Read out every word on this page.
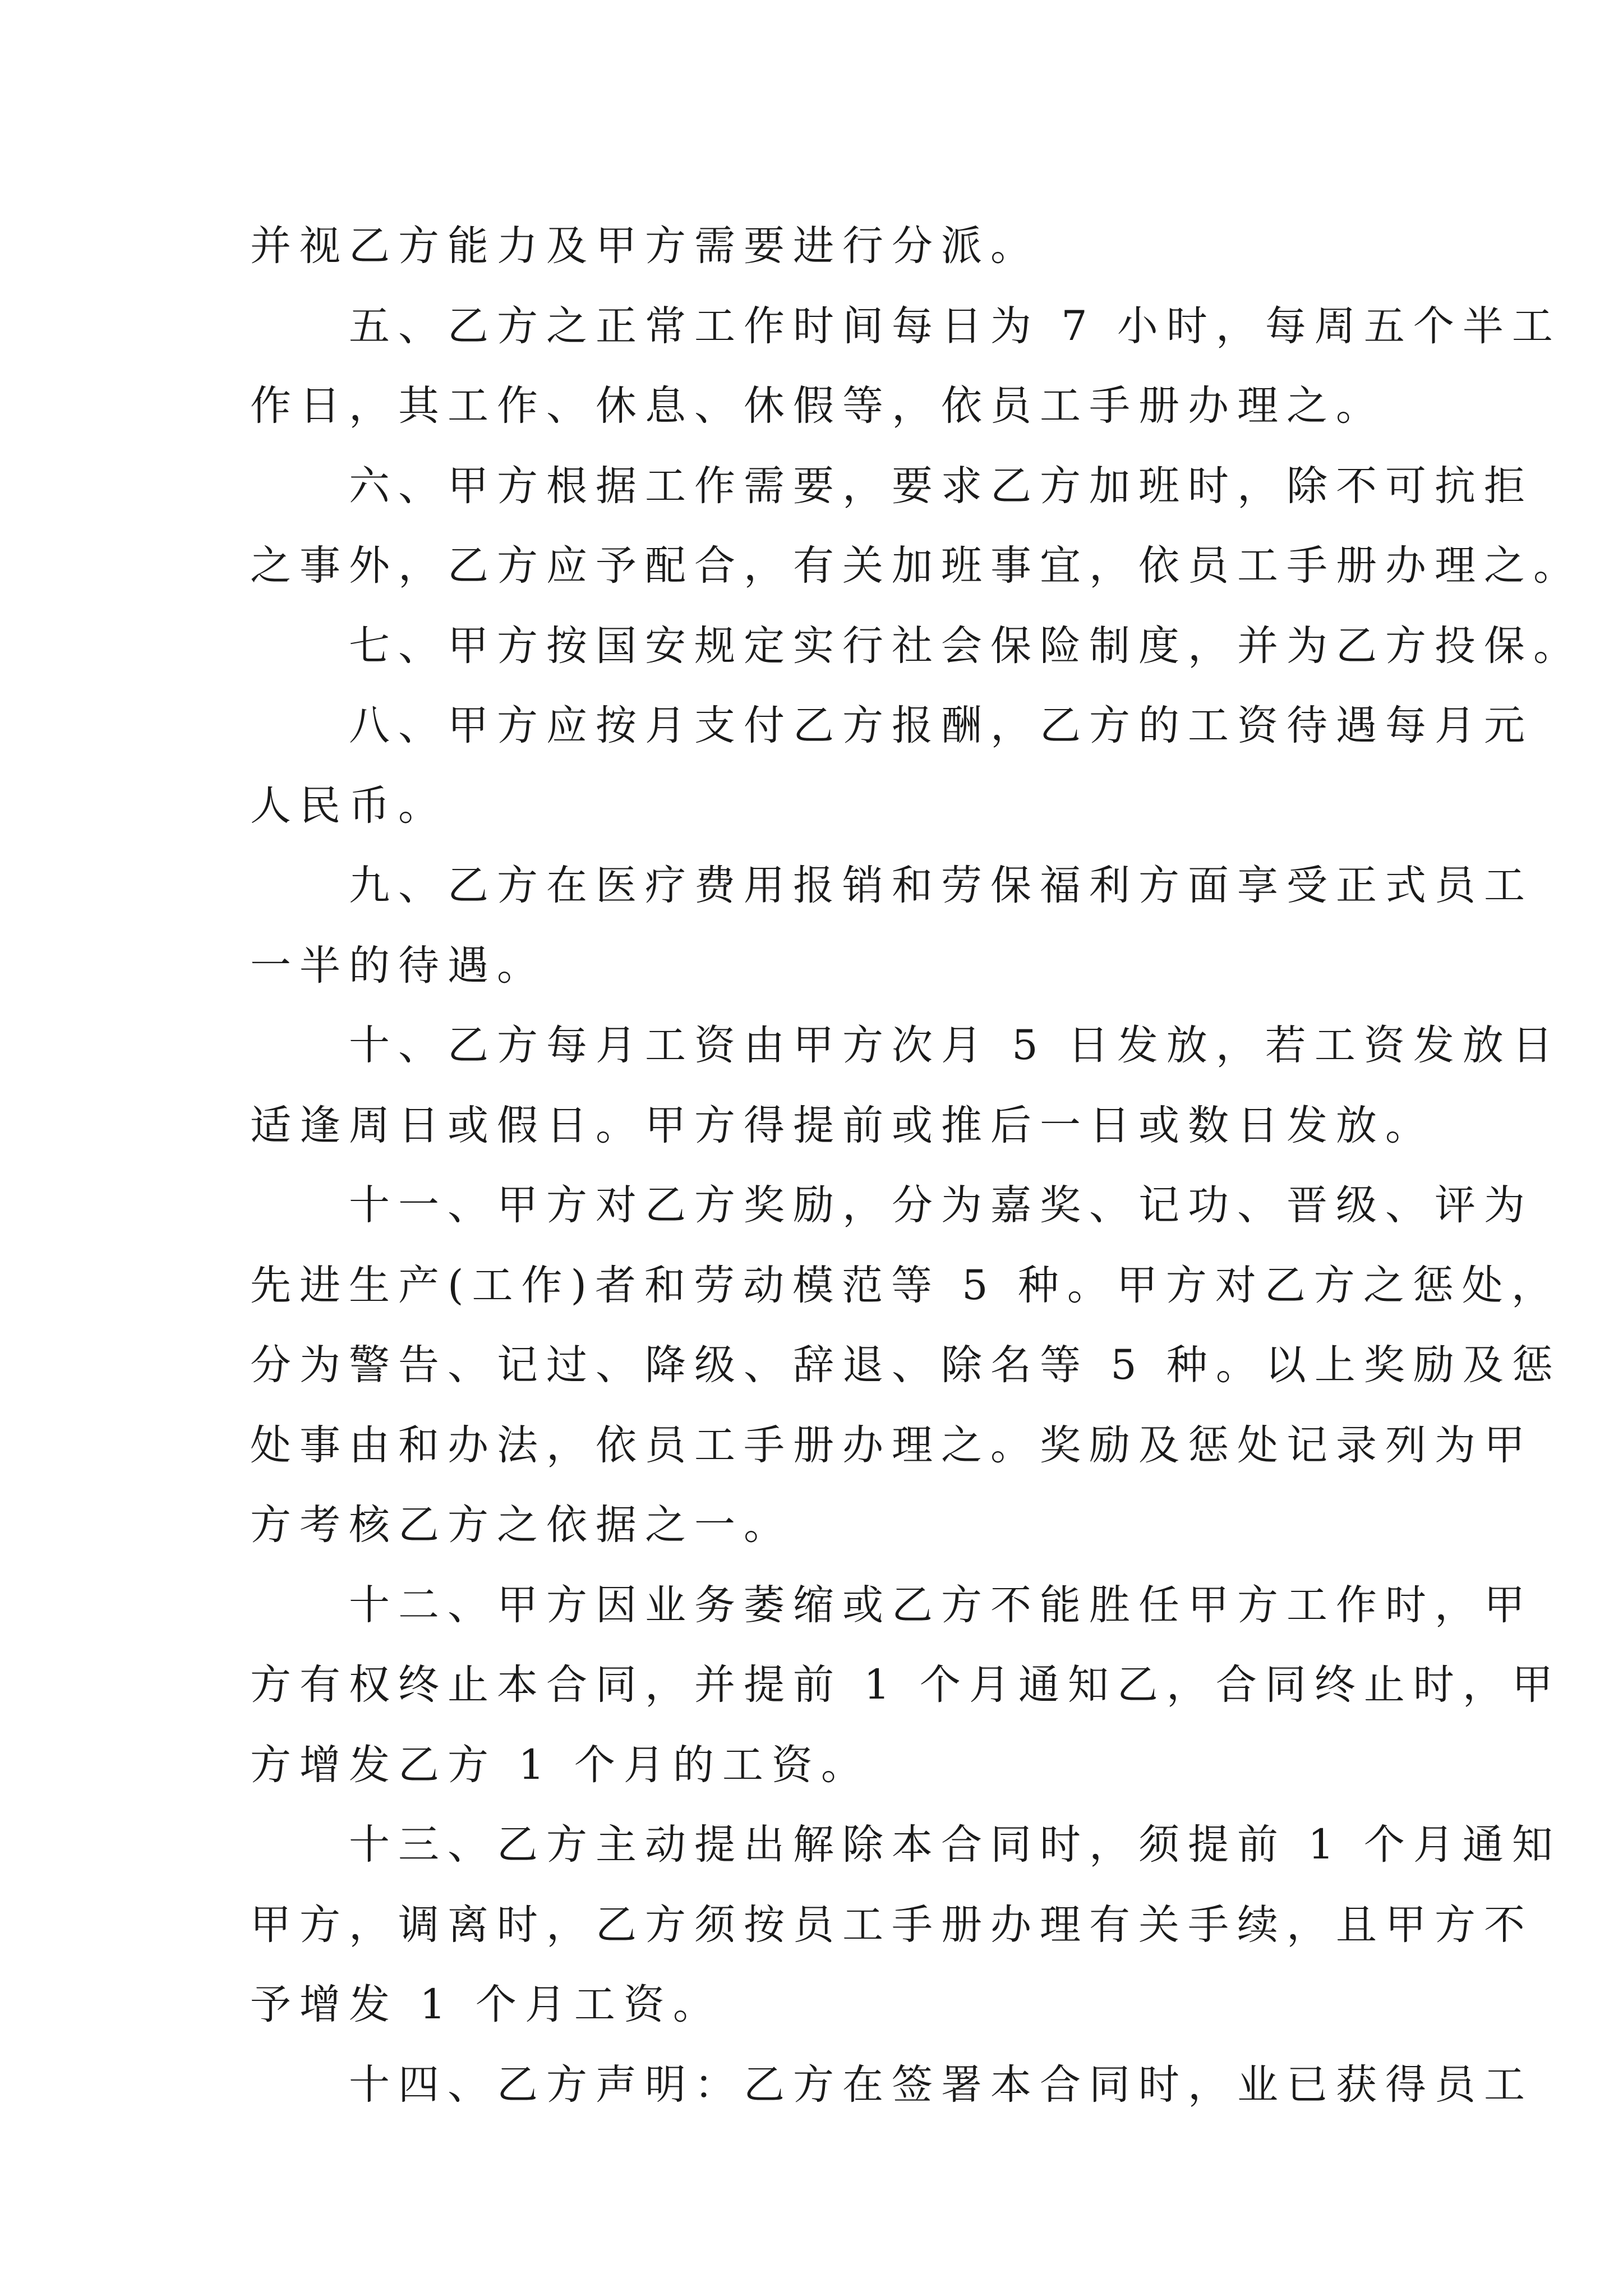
并视乙方能力及甲方需要进行分派。
五、乙方之正常工作时间每日为 7 小时，每周五个半工
作日，其工作、休息、休假等，依员工手册办理之。
六、甲方根据工作需要，要求乙方加班时，除不可抗拒
之事外，乙方应予配合，有关加班事宜，依员工手册办理之。
七、甲方按国安规定实行社会保险制度，并为乙方投保。
八、甲方应按月支付乙方报酬，乙方的工资待遇每月元
人民币。
九、乙方在医疗费用报销和劳保福利方面享受正式员工
一半的待遇。
十、乙方每月工资由甲方次月 5 日发放，若工资发放日
适逢周日或假日。甲方得提前或推后一日或数日发放。
十一、甲方对乙方奖励，分为嘉奖、记功、晋级、评为
先进生产(工作)者和劳动模范等 5 种。甲方对乙方之惩处，
分为警告、记过、降级、辞退、除名等 5 种。以上奖励及惩
处事由和办法，依员工手册办理之。奖励及惩处记录列为甲
方考核乙方之依据之一。
十二、甲方因业务萎缩或乙方不能胜任甲方工作时，甲
方有权终止本合同，并提前 1 个月通知乙，合同终止时，甲
方增发乙方 1 个月的工资。
十三、乙方主动提出解除本合同时，须提前 1 个月通知
甲方，调离时，乙方须按员工手册办理有关手续，且甲方不
予增发 1 个月工资。
十四、乙方声明：乙方在签署本合同时，业已获得员工
